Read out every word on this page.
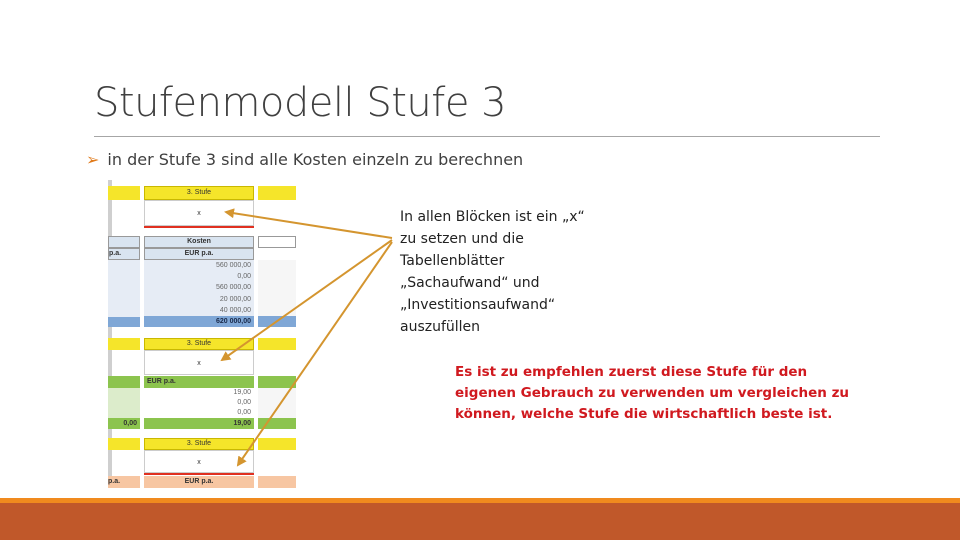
Stufenmodell Stufe 3
➢ in der Stufe 3 sind alle Kosten einzeln zu berechnen
3. Stufe
x
Kosten
p.a.	EUR p.a.
560 000,00
0,00
560 000,00
20 000,00
40 000,00
620 000,00
3. Stufe
x
EUR p.a.
19,00
0,00
0,00
0,00	19,00
3. Stufe
x
p.a.	EUR p.a.
In allen Blöcken ist ein „x“
zu setzen und die
Tabellenblätter
„Sachaufwand“ und
„Investitionsaufwand“
auszufüllen
Es ist zu empfehlen zuerst diese Stufe für den
eigenen Gebrauch zu verwenden um vergleichen zu
können, welche Stufe die wirtschaftlich beste ist.
